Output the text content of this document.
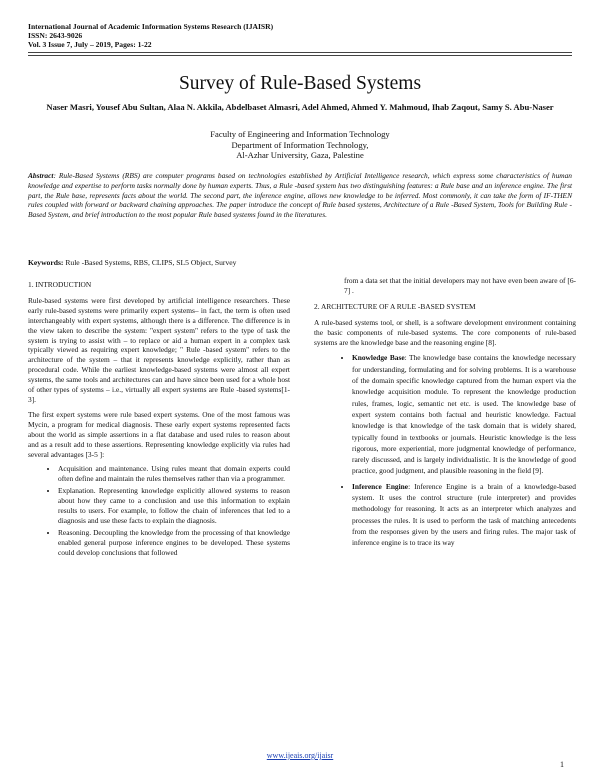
International Journal of Academic Information Systems Research (IJAISR)
ISSN: 2643-9026
Vol. 3 Issue 7, July – 2019, Pages: 1-22
Survey of Rule-Based Systems
Naser Masri, Yousef Abu Sultan, Alaa N. Akkila, Abdelbaset Almasri, Adel Ahmed, Ahmed Y. Mahmoud, Ihab Zaqout, Samy S. Abu-Naser
Faculty of Engineering and Information Technology
Department of Information Technology,
Al-Azhar University, Gaza, Palestine
Abstract: Rule-Based Systems (RBS) are computer programs based on technologies established by Artificial Intelligence research, which express some characteristics of human knowledge and expertise to perform tasks normally done by human experts. Thus, a Rule -based system has two distinguishing features: a Rule base and an inference engine. The first part, the Rule base, represents facts about the world. The second part, the inference engine, allows new knowledge to be inferred. Most commonly, it can take the form of IF-THEN rules coupled with forward or backward chaining approaches. The paper introduce the concept of Rule based systems, Architecture of a Rule -Based System, Tools for Building Rule -Based System, and brief introduction to the most popular Rule based systems found in the literatures.
Keywords: Rule -Based Systems, RBS, CLIPS, SL5 Object, Survey
1. INTRODUCTION

Rule-based systems were first developed by artificial intelligence researchers. These early rule-based systems were primarily expert systems– in fact, the term is often used interchangeably with expert systems, although there is a difference. The difference is in the view taken to describe the system: "expert system" refers to the type of task the system is trying to assist with – to replace or aid a human expert in a complex task typically viewed as requiring expert knowledge; " Rule -based system" refers to the architecture of the system – that it represents knowledge explicitly, rather than as procedural code. While the earliest knowledge-based systems were almost all expert systems, the same tools and architectures can and have since been used for a whole host of other types of systems – i.e., virtually all expert systems are Rule -based systems[1-3].

The first expert systems were rule based expert systems. One of the most famous was Mycin, a program for medical diagnosis. These early expert systems represented facts about the world as simple assertions in a flat database and used rules to reason about and as a result add to these assertions. Representing knowledge explicitly via rules had several advantages [3-5 ]:

• Acquisition and maintenance. Using rules meant that domain experts could often define and maintain the rules themselves rather than via a programmer.
• Explanation. Representing knowledge explicitly allowed systems to reason about how they came to a conclusion and use this information to explain results to users. For example, to follow the chain of inferences that led to a diagnosis and use these facts to explain the diagnosis.
• Reasoning. Decoupling the knowledge from the processing of that knowledge enabled general purpose inference engines to be developed. These systems could develop conclusions that followed
from a data set that the initial developers may not have even been aware of [6-7] .
2. ARCHITECTURE OF A RULE -BASED SYSTEM

A rule-based systems tool, or shell, is a software development environment containing the basic components of rule-based systems. The core components of rule-based systems are the knowledge base and the reasoning engine [8].

• Knowledge Base: The knowledge base contains the knowledge necessary for understanding, formulating and for solving problems. It is a warehouse of the domain specific knowledge captured from the human expert via the knowledge acquisition module. To represent the knowledge production rules, frames, logic, semantic net etc. is used. The knowledge base of expert system contains both factual and heuristic knowledge. Factual knowledge is that knowledge of the task domain that is widely shared, typically found in textbooks or journals. Heuristic knowledge is the less rigorous, more experiential, more judgmental knowledge of performance, rarely discussed, and is largely individualistic. It is the knowledge of good practice, good judgment, and plausible reasoning in the field [9].
• Inference Engine: Inference Engine is a brain of a knowledge-based system. It uses the control structure (rule interpreter) and provides methodology for reasoning. It acts as an interpreter which analyzes and processes the rules. It is used to perform the task of matching antecedents from the responses given by the users and firing rules. The major task of inference engine is to trace its way
www.ijeais.org/ijaisr
1
